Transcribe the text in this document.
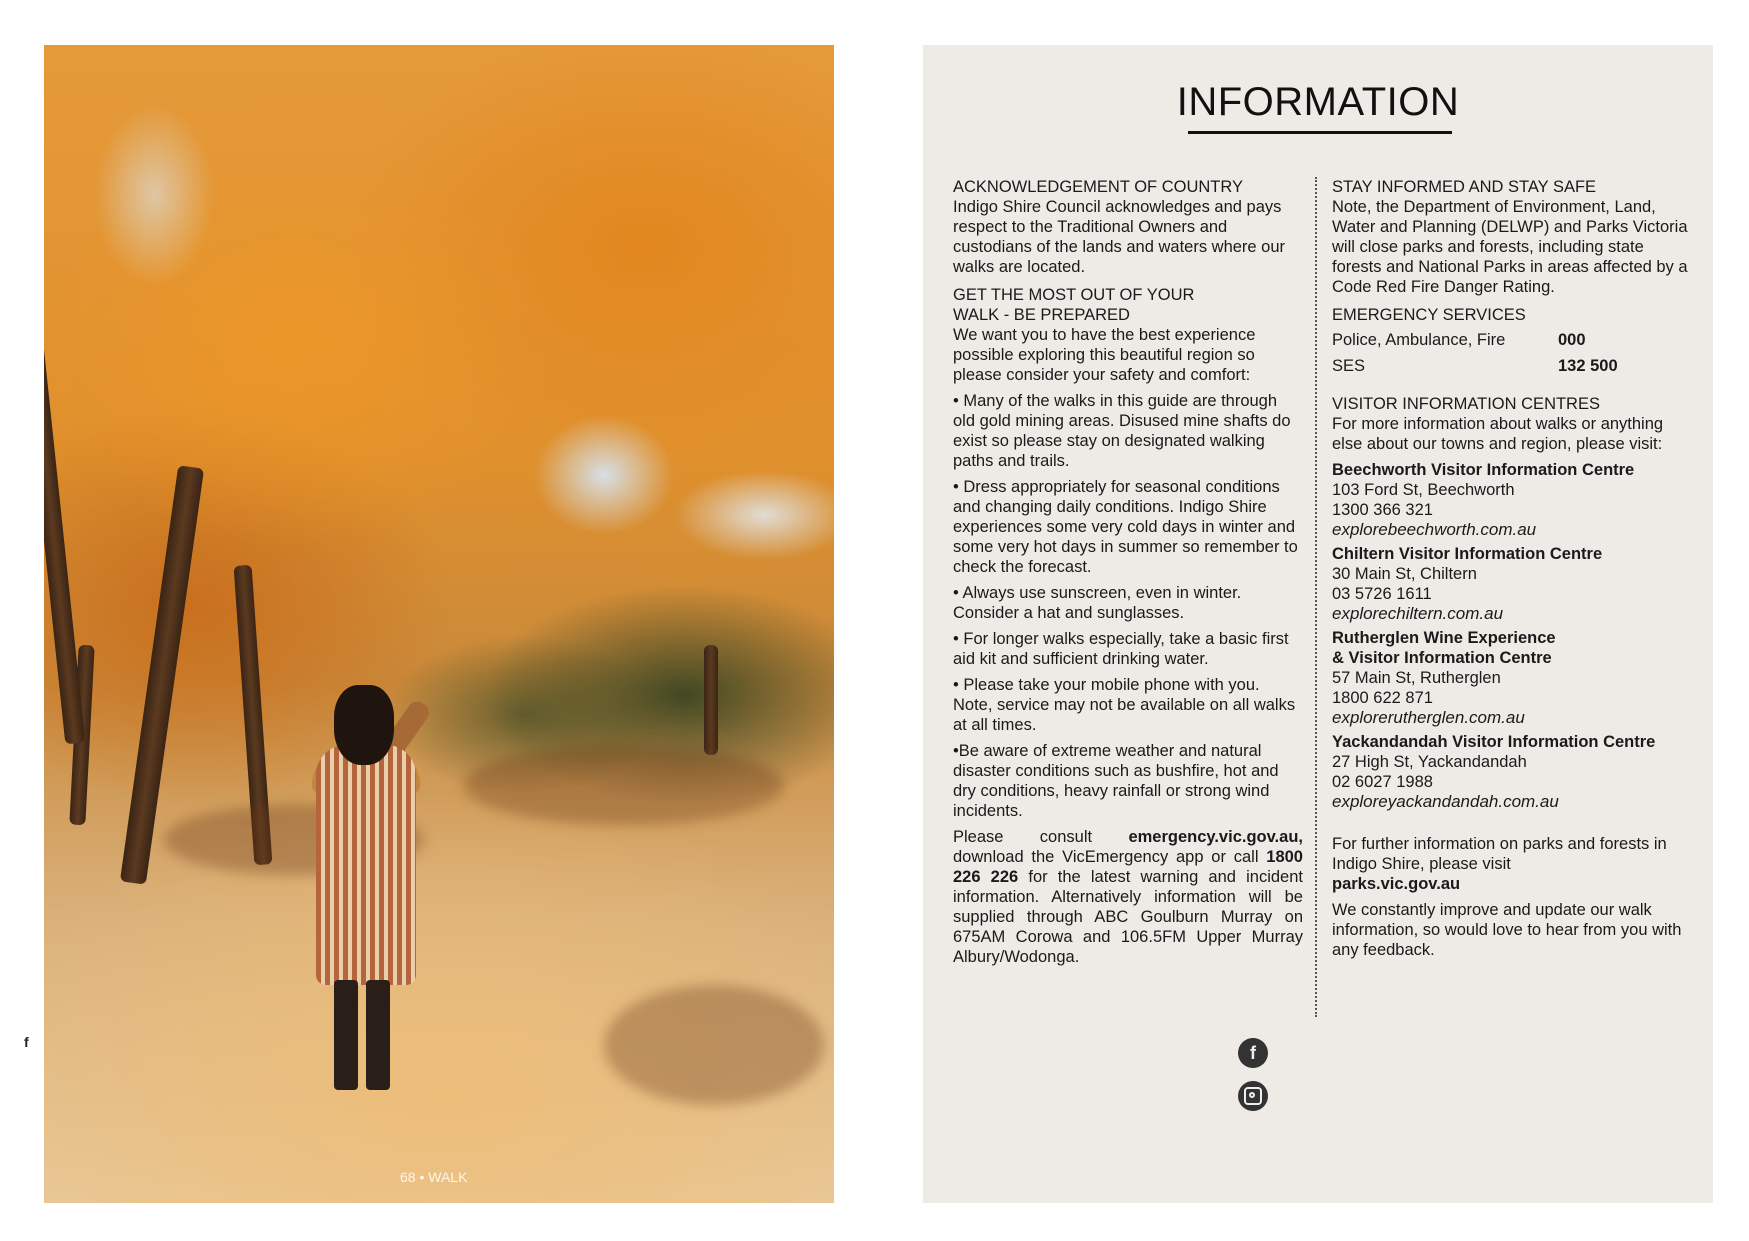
f
68 • WALK
INFORMATION

ACKNOWLEDGEMENT OF COUNTRY
Indigo Shire Council acknowledges and pays respect to the Traditional Owners and custodians of the lands and waters where our walks are located.

GET THE MOST OUT OF YOUR
WALK - BE PREPARED
We want you to have the best experience possible exploring this beautiful region so please consider your safety and comfort:

• Many of the walks in this guide are through old gold mining areas. Disused mine shafts do exist so please stay on designated walking paths and trails.

• Dress appropriately for seasonal conditions and changing daily conditions. Indigo Shire experiences some very cold days in winter and some very hot days in summer so remember to check the forecast.

• Always use sunscreen, even in winter. Consider a hat and sunglasses.

• For longer walks especially, take a basic first aid kit and sufficient drinking water.

• Please take your mobile phone with you. Note, service may not be available on all walks at all times.

•Be aware of extreme weather and natural disaster conditions such as bushfire, hot and dry conditions, heavy rainfall or strong wind incidents.

Please consult emergency.vic.gov.au, download the VicEmergency app or call 1800 226 226 for the latest warning and incident information. Alternatively information will be supplied through ABC Goulburn Murray on 675AM Corowa and 106.5FM Upper Murray Albury/Wodonga.

STAY INFORMED AND STAY SAFE
Note, the Department of Environment, Land, Water and Planning (DELWP) and Parks Victoria will close parks and forests, including state forests and National Parks in areas affected by a Code Red Fire Danger Rating.

EMERGENCY SERVICES

Police, Ambulance, Fire	000
SES	132 500

VISITOR INFORMATION CENTRES
For more information about walks or anything else about our towns and region, please visit:

Beechworth Visitor Information Centre
103 Ford St, Beechworth
1300 366 321
explorebeechworth.com.au
Chiltern Visitor Information Centre
30 Main St, Chiltern
03 5726 1611
explorechiltern.com.au
Rutherglen Wine Experience
& Visitor Information Centre
57 Main St, Rutherglen
1800 622 871
explorerutherglen.com.au
Yackandandah Visitor Information Centre
27 High St, Yackandandah
02 6027 1988
exploreyackandandah.com.au

For further information on parks and forests in Indigo Shire, please visit
parks.vic.gov.au

We constantly improve and update our walk information, so would love to hear from you with any feedback.

f
